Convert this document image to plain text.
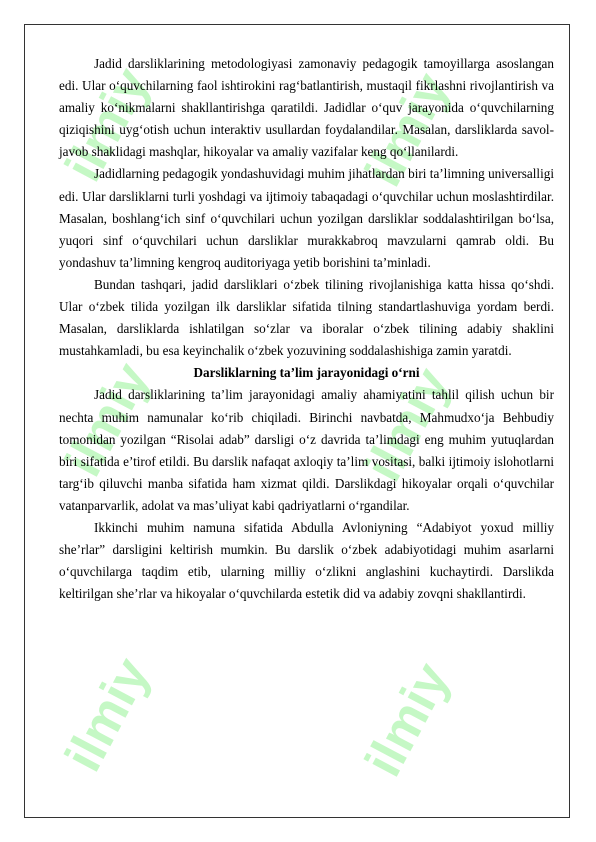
ilmiy	ilmiy
ilmiy	ilmiy
ilmiy	ilmiy

Jadid darsliklarining metodologiyasi zamonaviy pedagogik tamoyillarga asoslangan edi. Ular o‘quvchilarning faol ishtirokini rag‘batlantirish, mustaqil fikrlashni rivojlantirish va amaliy ko‘nikmalarni shakllantirishga qaratildi. Jadidlar o‘quv jarayonida o‘quvchilarning qiziqishini uyg‘otish uchun interaktiv usullardan foydalandilar. Masalan, darsliklarda savol-javob shaklidagi mashqlar, hikoyalar va amaliy vazifalar keng qo‘llanilardi.

Jadidlarning pedagogik yondashuvidagi muhim jihatlardan biri ta’limning universalligi edi. Ular darsliklarni turli yoshdagi va ijtimoiy tabaqadagi o‘quvchilar uchun moslashtirdilar. Masalan, boshlang‘ich sinf o‘quvchilari uchun yozilgan darsliklar soddalashtirilgan bo‘lsa, yuqori sinf o‘quvchilari uchun darsliklar murakkabroq mavzularni qamrab oldi. Bu yondashuv ta’limning kengroq auditoriyaga yetib borishini ta’minladi.

Bundan tashqari, jadid darsliklari o‘zbek tilining rivojlanishiga katta hissa qo‘shdi. Ular o‘zbek tilida yozilgan ilk darsliklar sifatida tilning standartlashuviga yordam berdi. Masalan, darsliklarda ishlatilgan so‘zlar va iboralar o‘zbek tilining adabiy shaklini mustahkamladi, bu esa keyinchalik o‘zbek yozuvining soddalashishiga zamin yaratdi.

Darsliklarning ta’lim jarayonidagi o‘rni

Jadid darsliklarining ta’lim jarayonidagi amaliy ahamiyatini tahlil qilish uchun bir nechta muhim namunalar ko‘rib chiqiladi. Birinchi navbatda, Mahmudxo‘ja Behbudiy tomonidan yozilgan “Risolai adab” darsligi o‘z davrida ta’limdagi eng muhim yutuqlardan biri sifatida e’tirof etildi. Bu darslik nafaqat axloqiy ta’lim vositasi, balki ijtimoiy islohotlarni targ‘ib qiluvchi manba sifatida ham xizmat qildi. Darslikdagi hikoyalar orqali o‘quvchilar vatanparvarlik, adolat va mas’uliyat kabi qadriyatlarni o‘rgandilar.

Ikkinchi muhim namuna sifatida Abdulla Avloniyning “Adabiyot yoxud milliy she’rlar” darsligini keltirish mumkin. Bu darslik o‘zbek adabiyotidagi muhim asarlarni o‘quvchilarga taqdim etib, ularning milliy o‘zlikni anglashini kuchaytirdi. Darslikda keltirilgan she’rlar va hikoyalar o‘quvchilarda estetik did va adabiy zovqni shakllantirdi.
